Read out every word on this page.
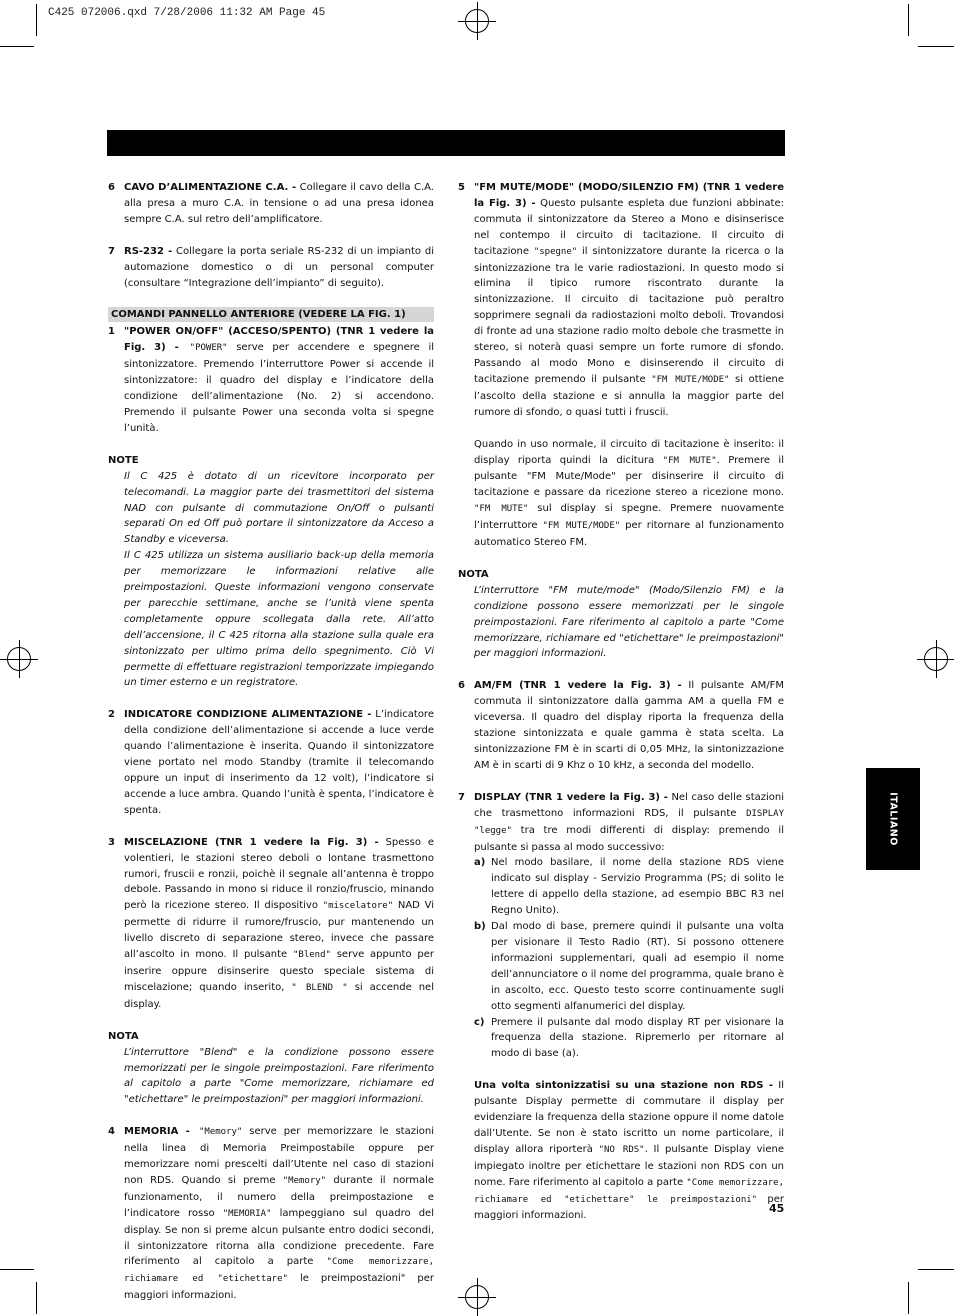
C425 072006.qxd 7/28/2006 11:32 AM Page 45
ITALIANO
6 CAVO D’ALIMENTAZIONE C.A. - Collegare il cavo della C.A. alla presa a muro C.A. in tensione o ad una presa idonea sempre C.A. sul retro dell’amplificatore.
7 RS-232 - Collegare la porta seriale RS-232 di un impianto di automazione domestico o di un personal computer (consultare “Integrazione dell’impianto” di seguito).
COMANDI PANNELLO ANTERIORE (VEDERE LA FIG. 1)
1 "POWER ON/OFF" (ACCESO/SPENTO) (TNR 1 vedere la Fig. 3) - "POWER" serve per accendere e spegnere il sintonizzatore. Premendo l’interruttore Power si accende il sintonizzatore: il quadro del display e l’indicatore della condizione dell’alimentazione (No. 2) si accendono. Premendo il pulsante Power una seconda volta si spegne l’unità.
NOTE

Il C 425 è dotato di un ricevitore incorporato per telecomandi. La maggior parte dei trasmettitori del sistema NAD con pulsante di commutazione On/Off o pulsanti separati On ed Off può portare il sintonizzatore da Acceso a Standby e viceversa.

Il C 425 utilizza un sistema ausiliario back-up della memoria per memorizzare le informazioni relative alle preimpostazioni. Queste informazioni vengono conservate per parecchie settimane, anche se l’unità viene spenta completamente oppure scollegata dalla rete. All’atto dell’accensione, il C 425 ritorna alla stazione sulla quale era sintonizzato per ultimo prima dello spegnimento. Ciò Vi permette di effettuare registrazioni temporizzate impiegando un timer esterno e un registratore.

2 INDICATORE CONDIZIONE ALIMENTAZIONE - L’indicatore della condizione dell’alimentazione si accende a luce verde quando l’alimentazione è inserita. Quando il sintonizzatore viene portato nel modo Standby (tramite il telecomando oppure un input di inserimento da 12 volt), l’indicatore si accende a luce ambra. Quando l’unità è spenta, l’indicatore è spenta.
3 MISCELAZIONE (TNR 1 vedere la Fig. 3) - Spesso e volentieri, le stazioni stereo deboli o lontane trasmettono rumori, fruscii e ronzii, poichè il segnale all’antenna è troppo debole. Passando in mono si riduce il ronzio/fruscio, minando però la ricezione stereo. Il dispositivo "miscelatore" NAD Vi permette di ridurre il rumore/fruscio, pur mantenendo un livello discreto di separazione stereo, invece che passare all’ascolto in mono. Il pulsante "Blend" serve appunto per inserire oppure disinserire questo speciale sistema di miscelazione; quando inserito, " BLEND " si accende nel display.
NOTA

L’interruttore "Blend" e la condizione possono essere memorizzati per le singole preimpostazioni. Fare riferimento al capitolo a parte "Come memorizzare, richiamare ed "etichettare" le preimpostazioni" per maggiori informazioni.

4 MEMORIA - "Memory" serve per memorizzare le stazioni nella linea di Memoria Preimpostabile oppure per memorizzare nomi prescelti dall’Utente nel caso di stazioni non RDS. Quando si preme "Memory" durante il normale funzionamento, il numero della preimpostazione e l’indicatore rosso "MEMORIA" lampeggiano sul quadro del display. Se non si preme alcun pulsante entro dodici secondi, il sintonizzatore ritorna alla condizione precedente. Fare riferimento al capitolo a parte "Come memorizzare, richiamare ed "etichettare" le preimpostazioni" per maggiori informazioni.
5 "FM MUTE/MODE" (MODO/SILENZIO FM) (TNR 1 vedere la Fig. 3) - Questo pulsante espleta due funzioni abbinate: commuta il sintonizzatore da Stereo a Mono e disinserisce nel contempo il circuito di tacitazione. Il circuito di tacitazione "spegne" il sintonizzatore durante la ricerca o la sintonizzazione tra le varie radiostazioni. In questo modo si elimina il tipico rumore riscontrato durante la sintonizzazione. Il circuito di tacitazione può peraltro sopprimere segnali da radiostazioni molto deboli. Trovandosi di fronte ad una stazione radio molto debole che trasmette in stereo, si noterà quasi sempre un forte rumore di sfondo. Passando al modo Mono e disinserendo il circuito di tacitazione premendo il pulsante "FM MUTE/MODE" si ottiene l’ascolto della stazione e si annulla la maggior parte del rumore di sfondo, o quasi tutti i fruscii.
Quando in uso normale, il circuito di tacitazione è inserito: il display riporta quindi la dicitura "FM MUTE". Premere il pulsante "FM Mute/Mode" per disinserire il circuito di tacitazione e passare da ricezione stereo a ricezione mono. "FM MUTE" sul display si spegne. Premere nuovamente l’interruttore "FM MUTE/MODE" per ritornare al funzionamento automatico Stereo FM.
NOTA

L’interruttore "FM mute/mode" (Modo/Silenzio FM) e la condizione possono essere memorizzati per le singole preimpostazioni. Fare riferimento al capitolo a parte "Come memorizzare, richiamare ed "etichettare" le preimpostazioni" per maggiori informazioni.

6 AM/FM (TNR 1 vedere la Fig. 3) - Il pulsante AM/FM commuta il sintonizzatore dalla gamma AM a quella FM e viceversa. Il quadro del display riporta la frequenza della stazione sintonizzata e quale gamma è stata scelta. La sintonizzazione FM è in scarti di 0,05 MHz, la sintonizzazione AM è in scarti di 9 Khz o 10 kHz, a seconda del modello.
7 DISPLAY (TNR 1 vedere la Fig. 3) - Nel caso delle stazioni che trasmettono informazioni RDS, il pulsante DISPLAY "legge" tra tre modi differenti di display: premendo il pulsante si passa al modo successivo:
a) Nel modo basilare, il nome della stazione RDS viene indicato sul display - Servizio Programma (PS; di solito le lettere di appello della stazione, ad esempio BBC R3 nel Regno Unito).
b) Dal modo di base, premere quindi il pulsante una volta per visionare il Testo Radio (RT). Si possono ottenere informazioni supplementari, quali ad esempio il nome dell’annunciatore o il nome del programma, quale brano è in ascolto, ecc. Questo testo scorre continuamente sugli otto segmenti alfanumerici del display.
c) Premere il pulsante dal modo display RT per visionare la frequenza della stazione. Ripremerlo per ritornare al modo di base (a).
Una volta sintonizzatisi su una stazione non RDS - Il pulsante Display permette di commutare il display per evidenziare la frequenza della stazione oppure il nome datole dall’Utente. Se non è stato iscritto un nome particolare, il display allora riporterà "NO RDS". Il pulsante Display viene impiegato inoltre per etichettare le stazioni non RDS con un nome. Fare riferimento al capitolo a parte "Come memorizzare, richiamare ed "etichettare" le preimpostazioni" per maggiori informazioni.
45
